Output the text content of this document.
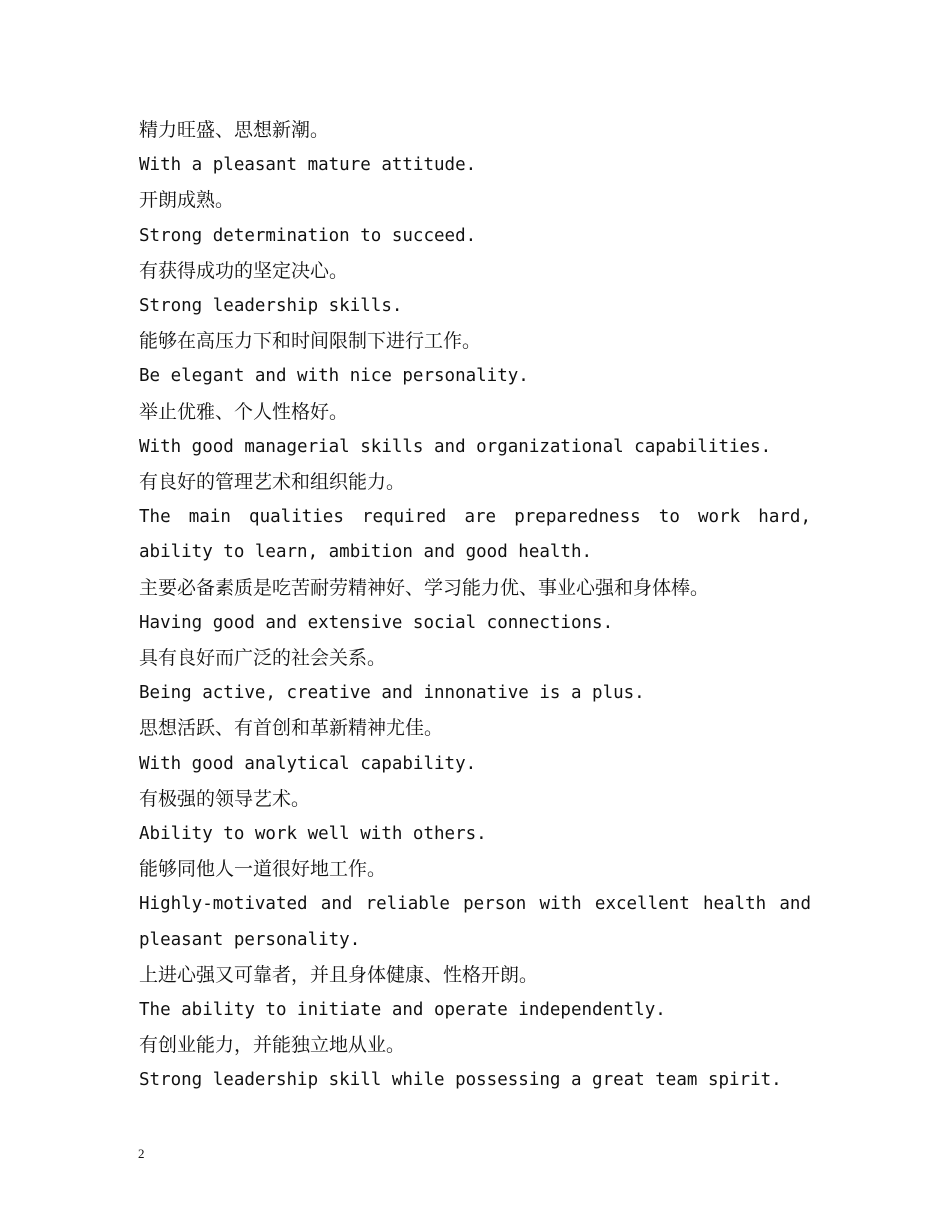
精力旺盛、思想新潮。
With a pleasant mature attitude.
开朗成熟。
Strong determination to succeed.
有获得成功的坚定决心。
Strong leadership skills.
能够在高压力下和时间限制下进行工作。
Be elegant and with nice personality.
举止优雅、个人性格好。
With good managerial skills and organizational capabilities.
有良好的管理艺术和组织能力。
The main qualities required are preparedness to work hard,
ability to learn, ambition and good health.
主要必备素质是吃苦耐劳精神好、学习能力优、事业心强和身体棒。
Having good and extensive social connections.
具有良好而广泛的社会关系。
Being active, creative and innonative is a plus.
思想活跃、有首创和革新精神尤佳。
With good analytical capability.
有极强的领导艺术。
Ability to work well with others.
能够同他人一道很好地工作。
Highly-motivated and reliable person with excellent health and
pleasant personality.
上进心强又可靠者，并且身体健康、性格开朗。
The ability to initiate and operate independently.
有创业能力，并能独立地从业。
Strong leadership skill while possessing a great team spirit.
2
